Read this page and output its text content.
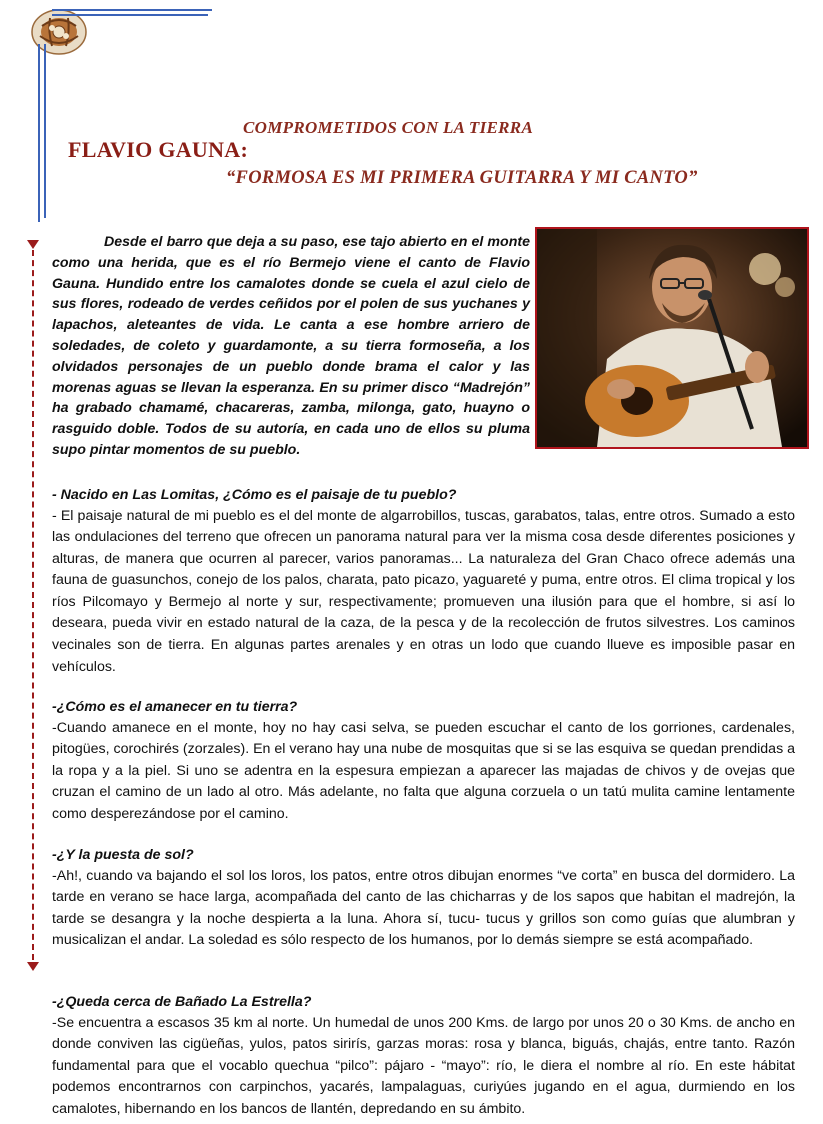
COMPROMETIDOS CON LA TIERRA
FLAVIO GAUNA:
“FORMOSA ES MI PRIMERA GUITARRA Y MI CANTO”

Desde el barro que deja a su paso, ese tajo abierto en el monte como una herida, que es el río Bermejo viene el canto de Flavio Gauna. Hundido entre los camalotes donde se cuela el azul cielo de sus flores, rodeado de verdes ceñidos por el polen de sus yuchanes y lapachos, aleteantes de vida. Le canta a ese hombre arriero de soledades, de coleto y guardamonte, a su tierra formoseña, a los olvidados personajes de un pueblo donde brama el calor y las morenas aguas se llevan la esperanza. En su primer disco “Madrejón” ha grabado chamamé, chacareras, zamba, milonga, gato, huayno o rasguido doble. Todos de su autoría, en cada uno de ellos su pluma supo pintar momentos de su pueblo.

- Nacido en Las Lomitas, ¿Cómo es el paisaje de tu pueblo?

- El paisaje natural de mi pueblo es el del monte de algarrobillos, tuscas, garabatos, talas, entre otros. Sumado a esto las ondulaciones del terreno que ofrecen un panorama natural para ver la misma cosa desde diferentes posiciones y alturas, de manera que ocurren al parecer, varios panoramas... La naturaleza del Gran Chaco ofrece además una fauna de guasunchos, conejo de los palos, charata, pato picazo, yaguareté y puma, entre otros. El clima tropical y los ríos Pilcomayo y Bermejo al norte y sur, respectivamente; promueven una ilusión para que el hombre, si así lo deseara, pueda vivir en estado natural de la caza, de la pesca y de la recolección de frutos silvestres. Los caminos vecinales son de tierra. En algunas partes arenales y en otras un lodo que cuando llueve es imposible pasar en vehículos.

-¿Cómo es el amanecer en tu tierra?

-Cuando amanece en el monte, hoy no hay casi selva, se pueden escuchar el canto de los gorriones, cardenales, pitogües, corochirés (zorzales). En el verano hay una nube de mosquitas que si se las esquiva se quedan prendidas a la ropa y a la piel. Si uno se adentra en la espesura empiezan a aparecer las majadas de chivos y de ovejas que cruzan el camino de un lado al otro. Más adelante, no falta que alguna corzuela o un tatú mulita camine lentamente como desperezándose por el camino.

-¿Y la puesta de sol?

-Ah!, cuando va bajando el sol los loros, los patos, entre otros dibujan enormes “ve corta” en busca del dormidero. La tarde en verano se hace larga, acompañada del canto de las chicharras y de los sapos que habitan el madrejón, la tarde se desangra y la noche despierta a la luna. Ahora sí, tucu- tucus y grillos son como guías que alumbran y musicalizan el andar. La soledad es sólo respecto de los humanos, por lo demás siempre se está acompañado.

-¿Queda cerca de Bañado La Estrella?

-Se encuentra a escasos 35 km al norte. Un humedal de unos 200 Kms. de largo por unos 20 o 30 Kms. de ancho en donde conviven las cigüeñas, yulos, patos sirirís, garzas moras: rosa y blanca, biguás, chajás, entre tanto. Razón fundamental para que el vocablo quechua “pilco”: pájaro - “mayo”: río, le diera el nombre al río. En este hábitat podemos encontrarnos con carpinchos, yacarés, lampalaguas, curiyúes jugando en el agua, durmiendo en los camalotes, hibernando en los bancos de llantén, depredando en su ámbito.
